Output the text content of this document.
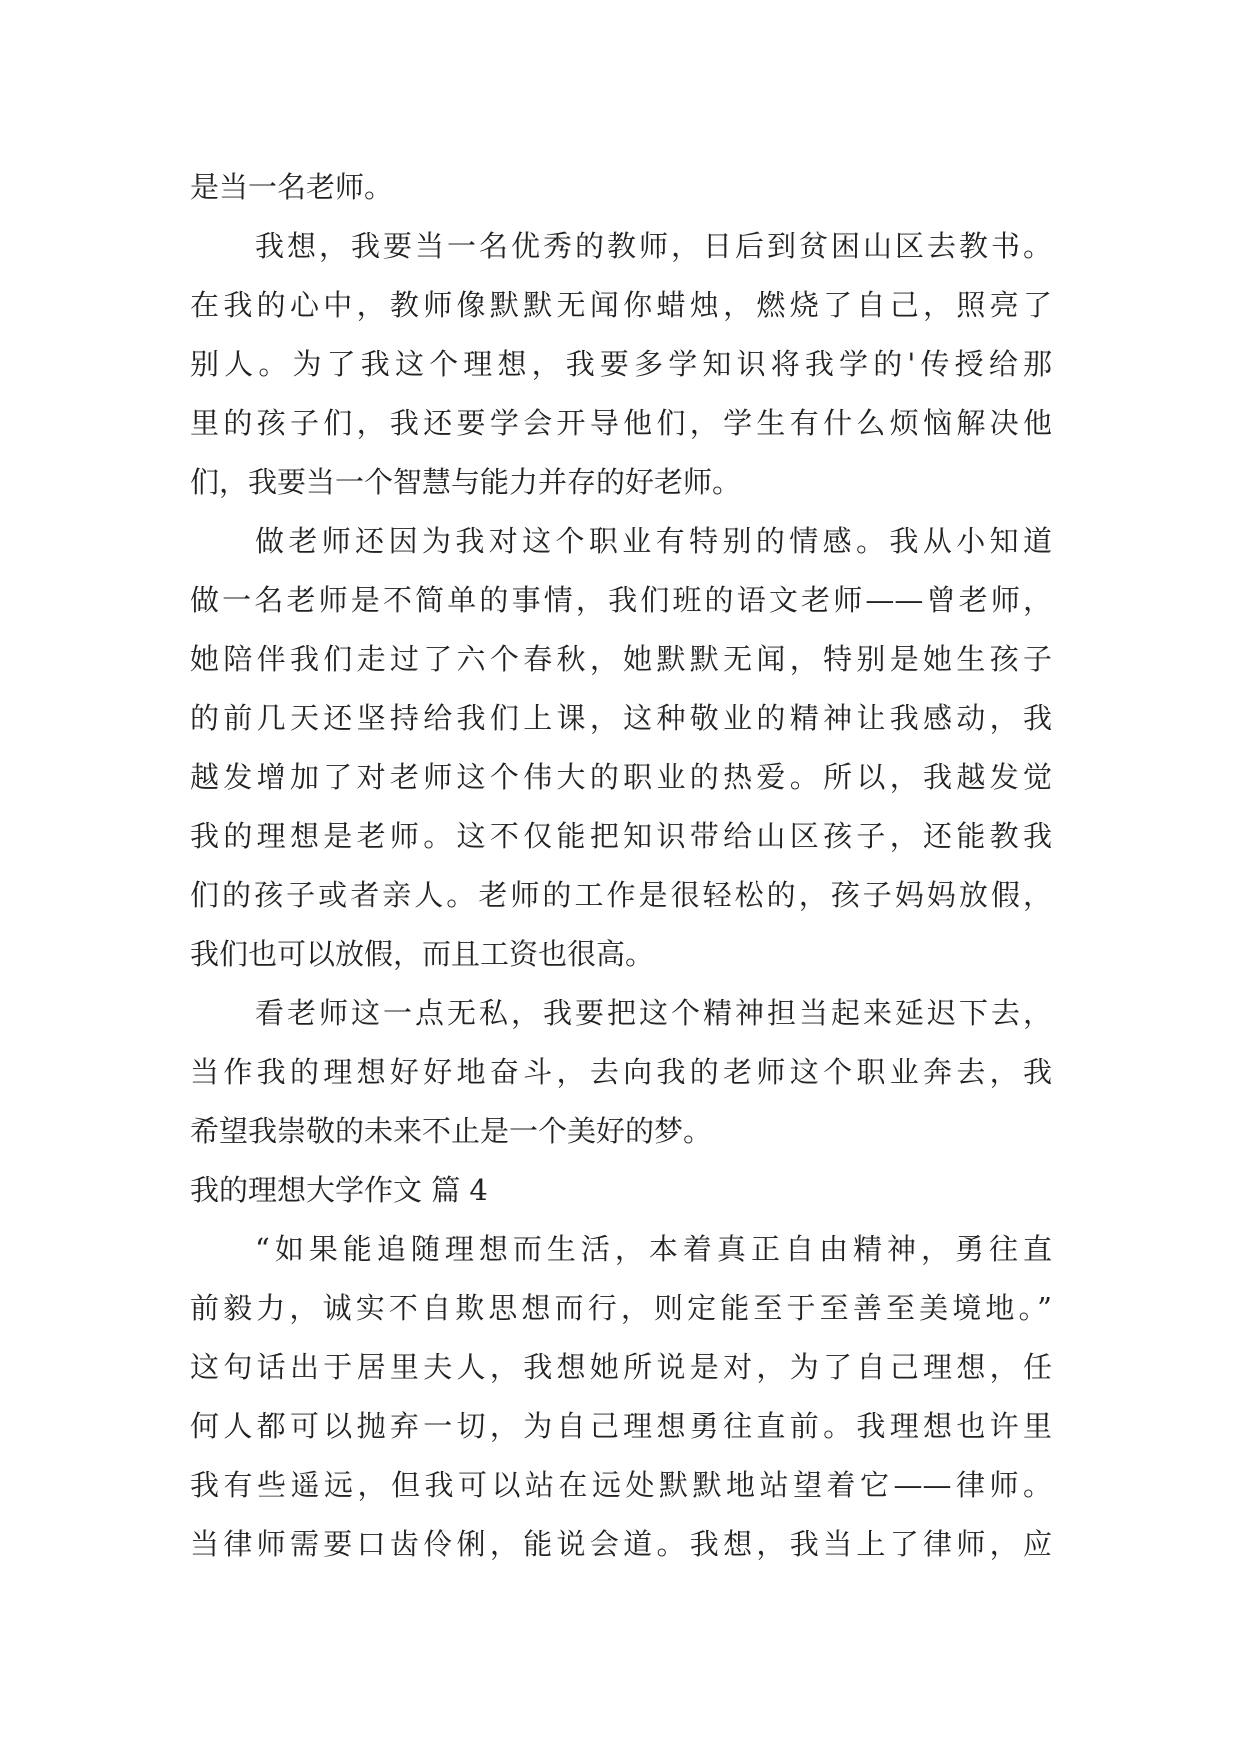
是当一名老师。
我想，我要当一名优秀的教师，日后到贫困山区去教书。
在我的心中，教师像默默无闻你蜡烛，燃烧了自己，照亮了
别人。为了我这个理想，我要多学知识将我学的'传授给那
里的孩子们，我还要学会开导他们，学生有什么烦恼解决他
们，我要当一个智慧与能力并存的好老师。
做老师还因为我对这个职业有特别的情感。我从小知道
做一名老师是不简单的事情，我们班的语文老师——曾老师，
她陪伴我们走过了六个春秋，她默默无闻，特别是她生孩子
的前几天还坚持给我们上课，这种敬业的精神让我感动，我
越发增加了对老师这个伟大的职业的热爱。所以，我越发觉
我的理想是老师。这不仅能把知识带给山区孩子，还能教我
们的孩子或者亲人。老师的工作是很轻松的，孩子妈妈放假，
我们也可以放假，而且工资也很高。
看老师这一点无私，我要把这个精神担当起来延迟下去，
当作我的理想好好地奋斗，去向我的老师这个职业奔去，我
希望我崇敬的未来不止是一个美好的梦。
我的理想大学作文 篇 4
“如果能追随理想而生活，本着真正自由精神，勇往直
前毅力，诚实不自欺思想而行，则定能至于至善至美境地。”
这句话出于居里夫人，我想她所说是对，为了自己理想，任
何人都可以抛弃一切，为自己理想勇往直前。我理想也许里
我有些遥远，但我可以站在远处默默地站望着它——律师。
当律师需要口齿伶俐，能说会道。我想，我当上了律师，应
